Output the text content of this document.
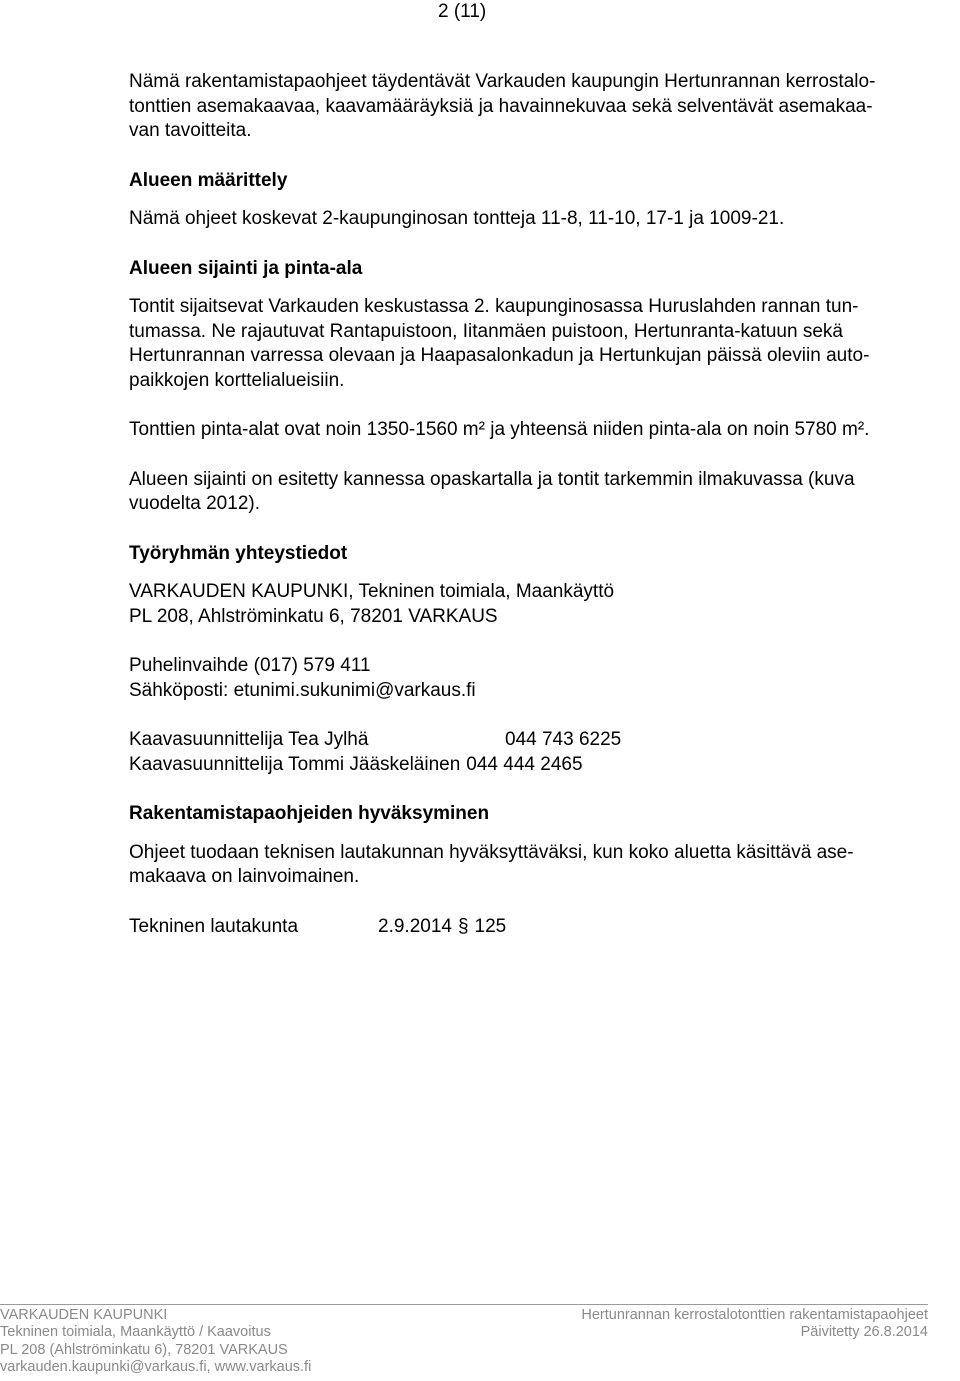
2 (11)
Nämä rakentamistapaohjeet täydentävät Varkauden kaupungin Hertunrannan kerrostalo-
tonttien asemakaavaa, kaavamääräyksiä ja havainnekuvaa sekä selventävät asemakaa-
van tavoitteita.
Alueen määrittely
Nämä ohjeet koskevat 2-kaupunginosan tontteja 11-8, 11-10, 17-1 ja 1009-21.
Alueen sijainti ja pinta-ala
Tontit sijaitsevat Varkauden keskustassa 2. kaupunginosassa Huruslahden rannan tun-
tumassa. Ne rajautuvat Rantapuistoon, Iitanmäen puistoon, Hertunranta-katuun sekä
Hertunrannan varressa olevaan ja Haapasalonkadun ja Hertunkujan päissä oleviin auto-
paikkojen korttelialueisiin.
Tonttien pinta-alat ovat noin 1350-1560 m² ja yhteensä niiden pinta-ala on noin 5780 m².
Alueen sijainti on esitetty kannessa opaskartalla ja tontit tarkemmin ilmakuvassa (kuva
vuodelta 2012).
Työryhmän yhteystiedot
VARKAUDEN KAUPUNKI, Tekninen toimiala, Maankäyttö
PL 208, Ahlströminkatu 6, 78201 VARKAUS
Puhelinvaihde (017) 579 411
Sähköposti: etunimi.sukunimi@varkaus.fi
Kaavasuunnittelija Tea Jylhä	044 743 6225
Kaavasuunnittelija Tommi Jääskeläinen 044 444 2465
Rakentamistapaohjeiden hyväksyminen
Ohjeet tuodaan teknisen lautakunnan hyväksyttäväksi, kun koko aluetta käsittävä ase-
makaava on lainvoimainen.
Tekninen lautakunta	2.9.2014 § 125
VARKAUDEN KAUPUNKI
Tekninen toimiala, Maankäyttö / Kaavoitus
PL 208 (Ahlströminkatu 6), 78201 VARKAUS
varkauden.kaupunki@varkaus.fi, www.varkaus.fi
Hertunrannan kerrostalotonttien rakentamistapaohjeet
Päivitetty 26.8.2014
